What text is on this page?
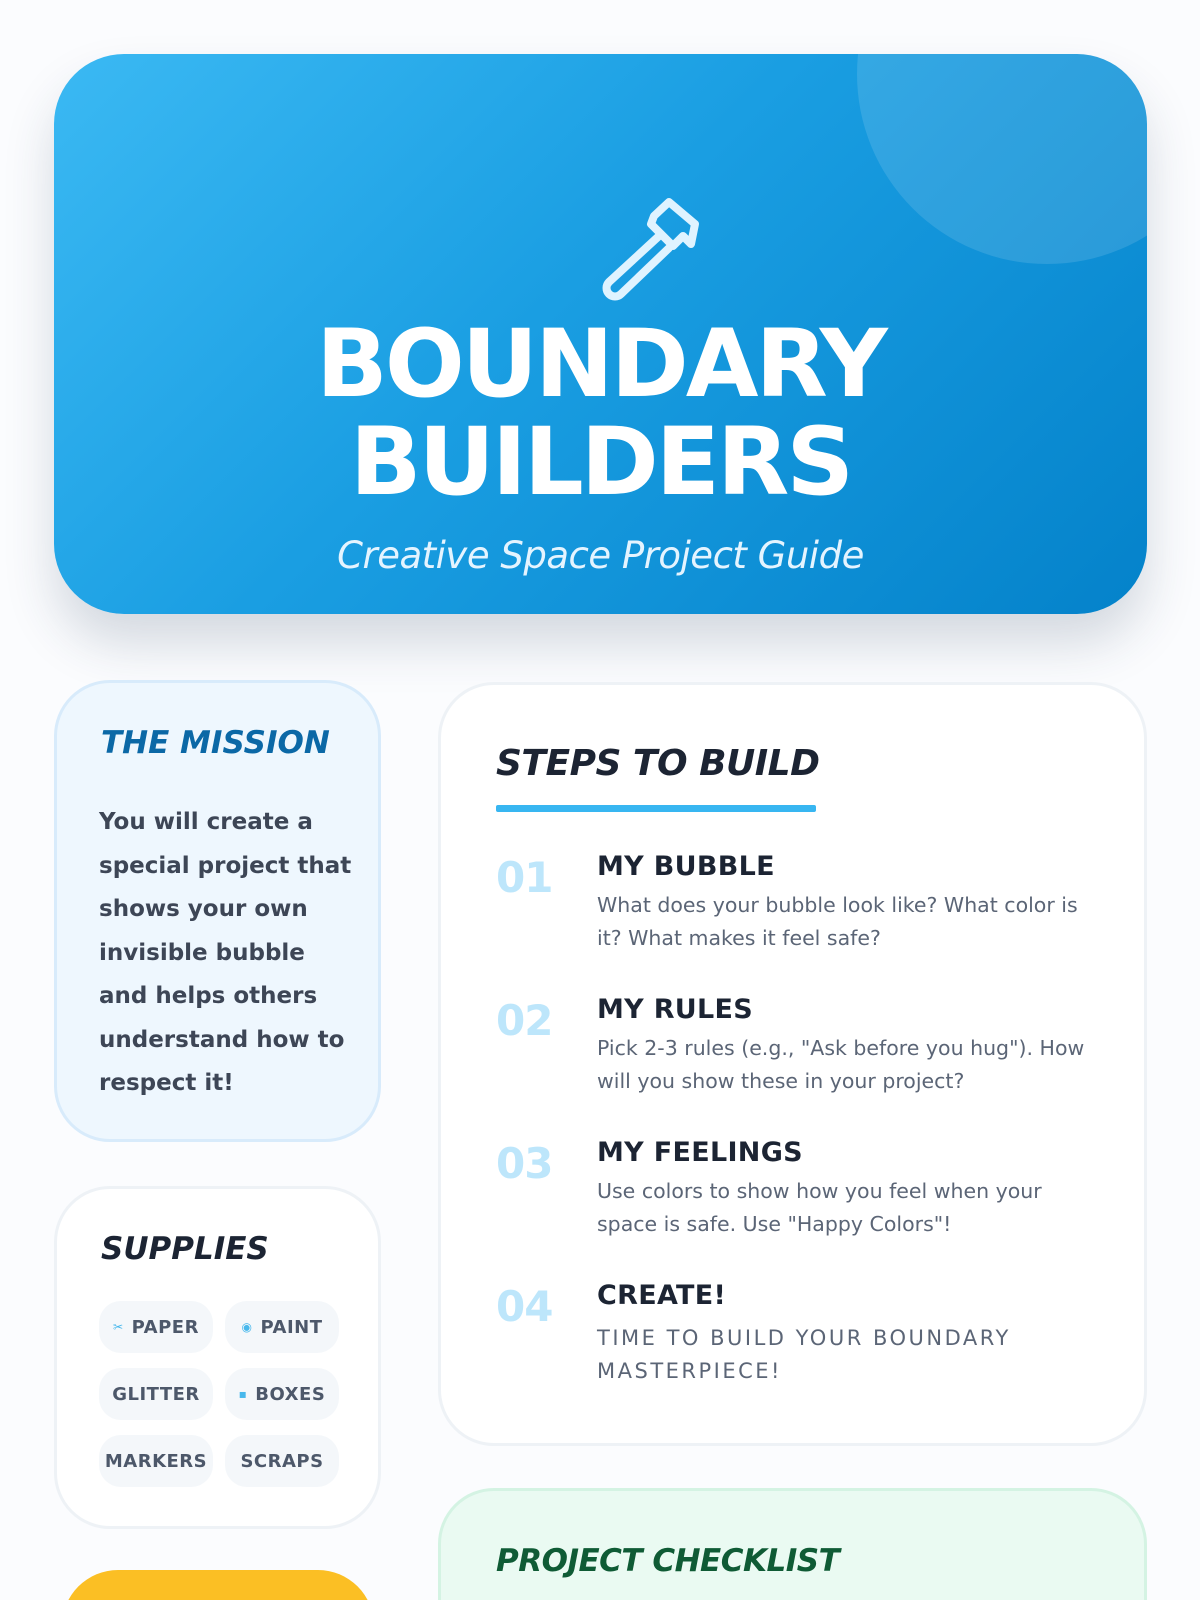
BOUNDARY
BUILDERS
Creative Space Project Guide
THE MISSION
You will create a special project that shows your own invisible bubble and helps others understand how to respect it!
SUPPLIES
✂ PAPER	◉ PAINT
GLITTER	▪ BOXES
MARKERS SCRAPS
STEPS TO BUILD
01 MY BUBBLE
What does your bubble look like? What color is it? What makes it feel safe?
02 MY RULES
Pick 2-3 rules (e.g., "Ask before you hug"). How will you show these in your project?
03 MY FEELINGS
Use colors to show how you feel when your space is safe. Use "Happy Colors"!
04 CREATE!
TIME TO BUILD YOUR BOUNDARY MASTERPIECE!
PROJECT CHECKLIST
